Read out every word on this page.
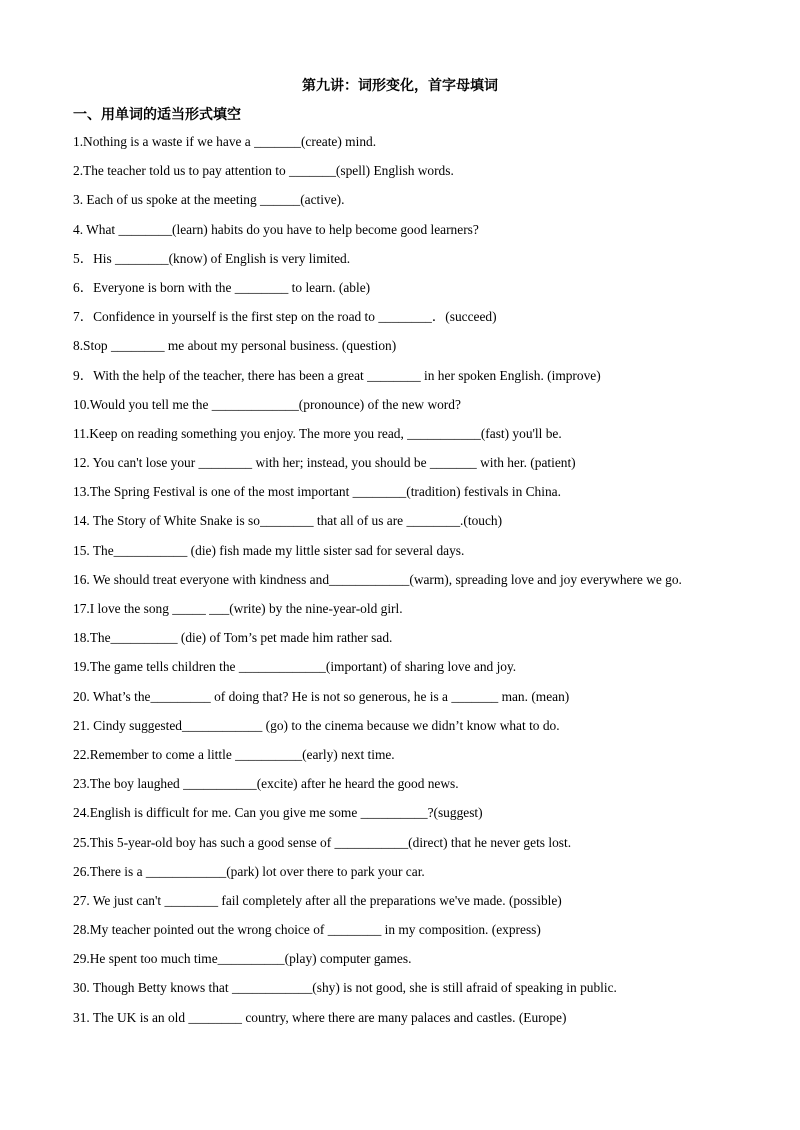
第九讲：词形变化，首字母填词
一、用单词的适当形式填空
1.Nothing is a waste if we have a _______(create) mind.
2.The teacher told us to pay attention to _______(spell) English words.
3. Each of us spoke at the meeting ______(active).
4. What ________(learn) habits do you have to help become good learners?
5．His ________(know) of English is very limited.
6．Everyone is born with the ________ to learn. (able)
7．Confidence in yourself is the first step on the road to ________．(succeed)
8.Stop ________ me about my personal business. (question)
9．With the help of the teacher, there has been a great ________ in her spoken English. (improve)
10.Would you tell me the _____________(pronounce) of the new word?
11.Keep on reading something you enjoy. The more you read, ___________(fast) you'll be.
12. You can't lose your ________ with her; instead, you should be _______ with her. (patient)
13.The Spring Festival is one of the most important ________(tradition) festivals in China.
14. The Story of White Snake is so________ that all of us are ________.(touch)
15. The___________ (die) fish made my little sister sad for several days.
16. We should treat everyone with kindness and____________(warm), spreading love and joy everywhere we go.
17.I love the song _____ ___(write) by the nine-year-old girl.
18.The__________ (die) of Tom’s pet made him rather sad.
19.The game tells children the _____________(important) of sharing love and joy.
20. What’s the_________ of doing that? He is not so generous, he is a _______ man. (mean)
21. Cindy suggested____________ (go) to the cinema because we didn’t know what to do.
22.Remember to come a little __________(early) next time.
23.The boy laughed ___________(excite) after he heard the good news.
24.English is difficult for me. Can you give me some __________?(suggest)
25.This 5-year-old boy has such a good sense of ___________(direct) that he never gets lost.
26.There is a ____________(park) lot over there to park your car.
27. We just can't ________ fail completely after all the preparations we've made. (possible)
28.My teacher pointed out the wrong choice of ________ in my composition. (express)
29.He spent too much time__________(play) computer games.
30. Though Betty knows that ____________(shy) is not good, she is still afraid of speaking in public.
31. The UK is an old ________ country, where there are many palaces and castles. (Europe)
